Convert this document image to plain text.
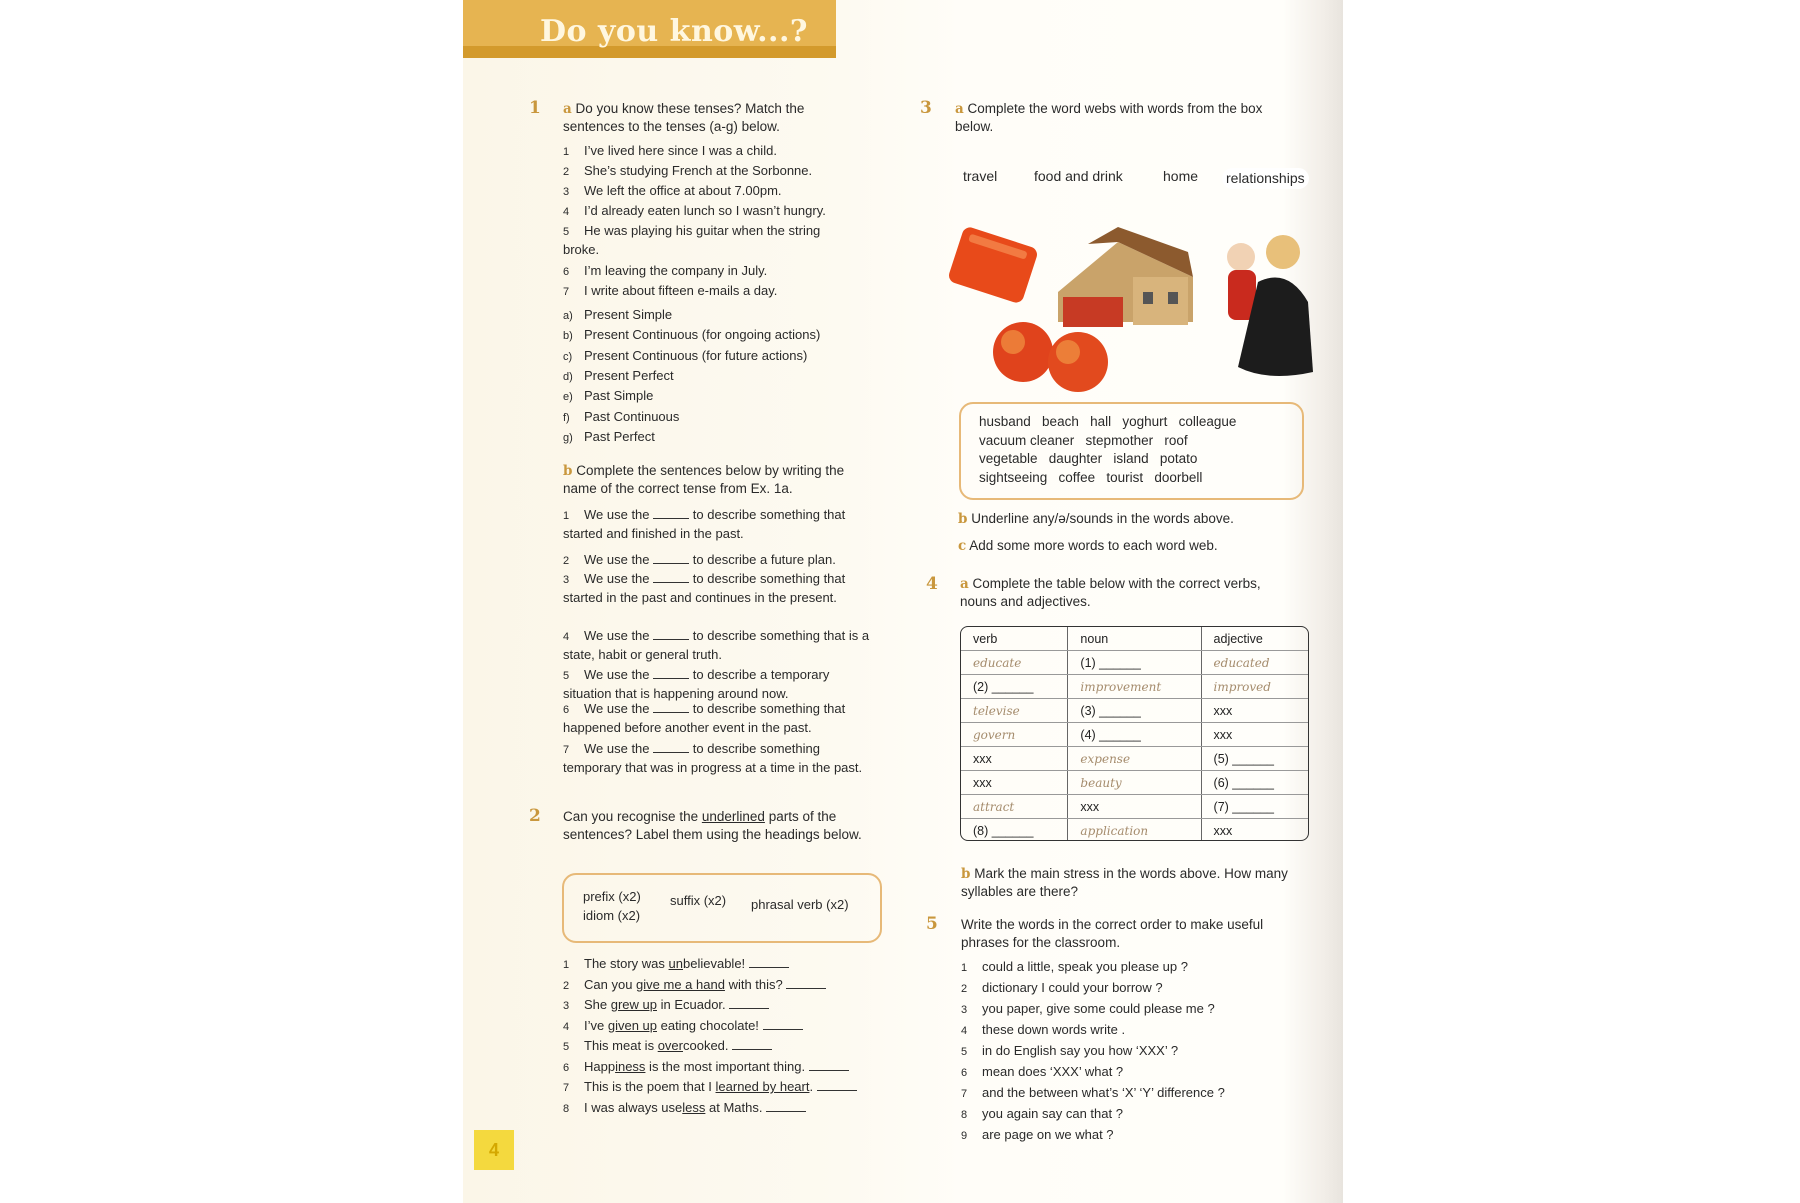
Do you know...?
1 a Do you know these tenses? Match the sentences to the tenses (a-g) below.
1 I’ve lived here since I was a child.
2 She’s studying French at the Sorbonne.
3 We left the office at about 7.00pm.
4 I’d already eaten lunch so I wasn’t hungry.
5 He was playing his guitar when the string broke.
6 I’m leaving the company in July.
7 I write about fifteen e-mails a day.
a) Present Simple
b) Present Continuous (for ongoing actions)
c) Present Continuous (for future actions)
d) Present Perfect
e) Past Simple
f) Past Continuous
g) Past Perfect
b Complete the sentences below by writing the name of the correct tense from Ex. 1a.
1 We use the	to describe something that started and finished in the past.
2 We use the	to describe a future plan.
3 We use the	to describe something that started in the past and continues in the present.
4 We use the	to describe something that is a state, habit or general truth.
5 We use the	to describe a temporary situation that is happening around now.
6 We use the	to describe something that happened before another event in the past.
7 We use the	to describe something temporary that was in progress at a time in the past.
2 Can you recognise the underlined parts of the sentences? Label them using the headings below.
prefix (x2) suffix (x2) phrasal verb (x2)
idiom (x2)
1 The story was unbelievable!
2 Can you give me a hand with this?
3 She grew up in Ecuador.
4 I’ve given up eating chocolate!
5 This meat is overcooked.
6 Happiness is the most important thing.
7 This is the poem that I learned by heart.
8 I was always useless at Maths.
4
3 a Complete the word webs with words from the box below.
travel	food and drink	home relationships
husband   beach   hall   yoghurt   colleague
vacuum cleaner   stepmother   roof
vegetable   daughter   island   potato
sightseeing   coffee   tourist   doorbell
b Underline any/ə/sounds in the words above.
c Add some more words to each word web.
4 a Complete the table below with the correct verbs, nouns and adjectives.
verb	noun	adjective
educate	(1) ______	educated
(2) ______	improvement	improved
televise	(3) ______	xxx
govern	(4) ______	xxx
xxx	expense	(5) ______
xxx	beauty	(6) ______
attract	xxx	(7) ______
(8) ______	application	xxx
b Mark the main stress in the words above. How many syllables are there?
5 Write the words in the correct order to make useful phrases for the classroom.
1 could a little, speak you please up ?
2 dictionary I could your borrow ?
3 you paper, give some could please me ?
4 these down words write .
5 in do English say you how ‘XXX’ ?
6 mean does ‘XXX’ what ?
7 and the between what’s ‘X’ ‘Y’ difference ?
8 you again say can that ?
9 are page on we what ?
